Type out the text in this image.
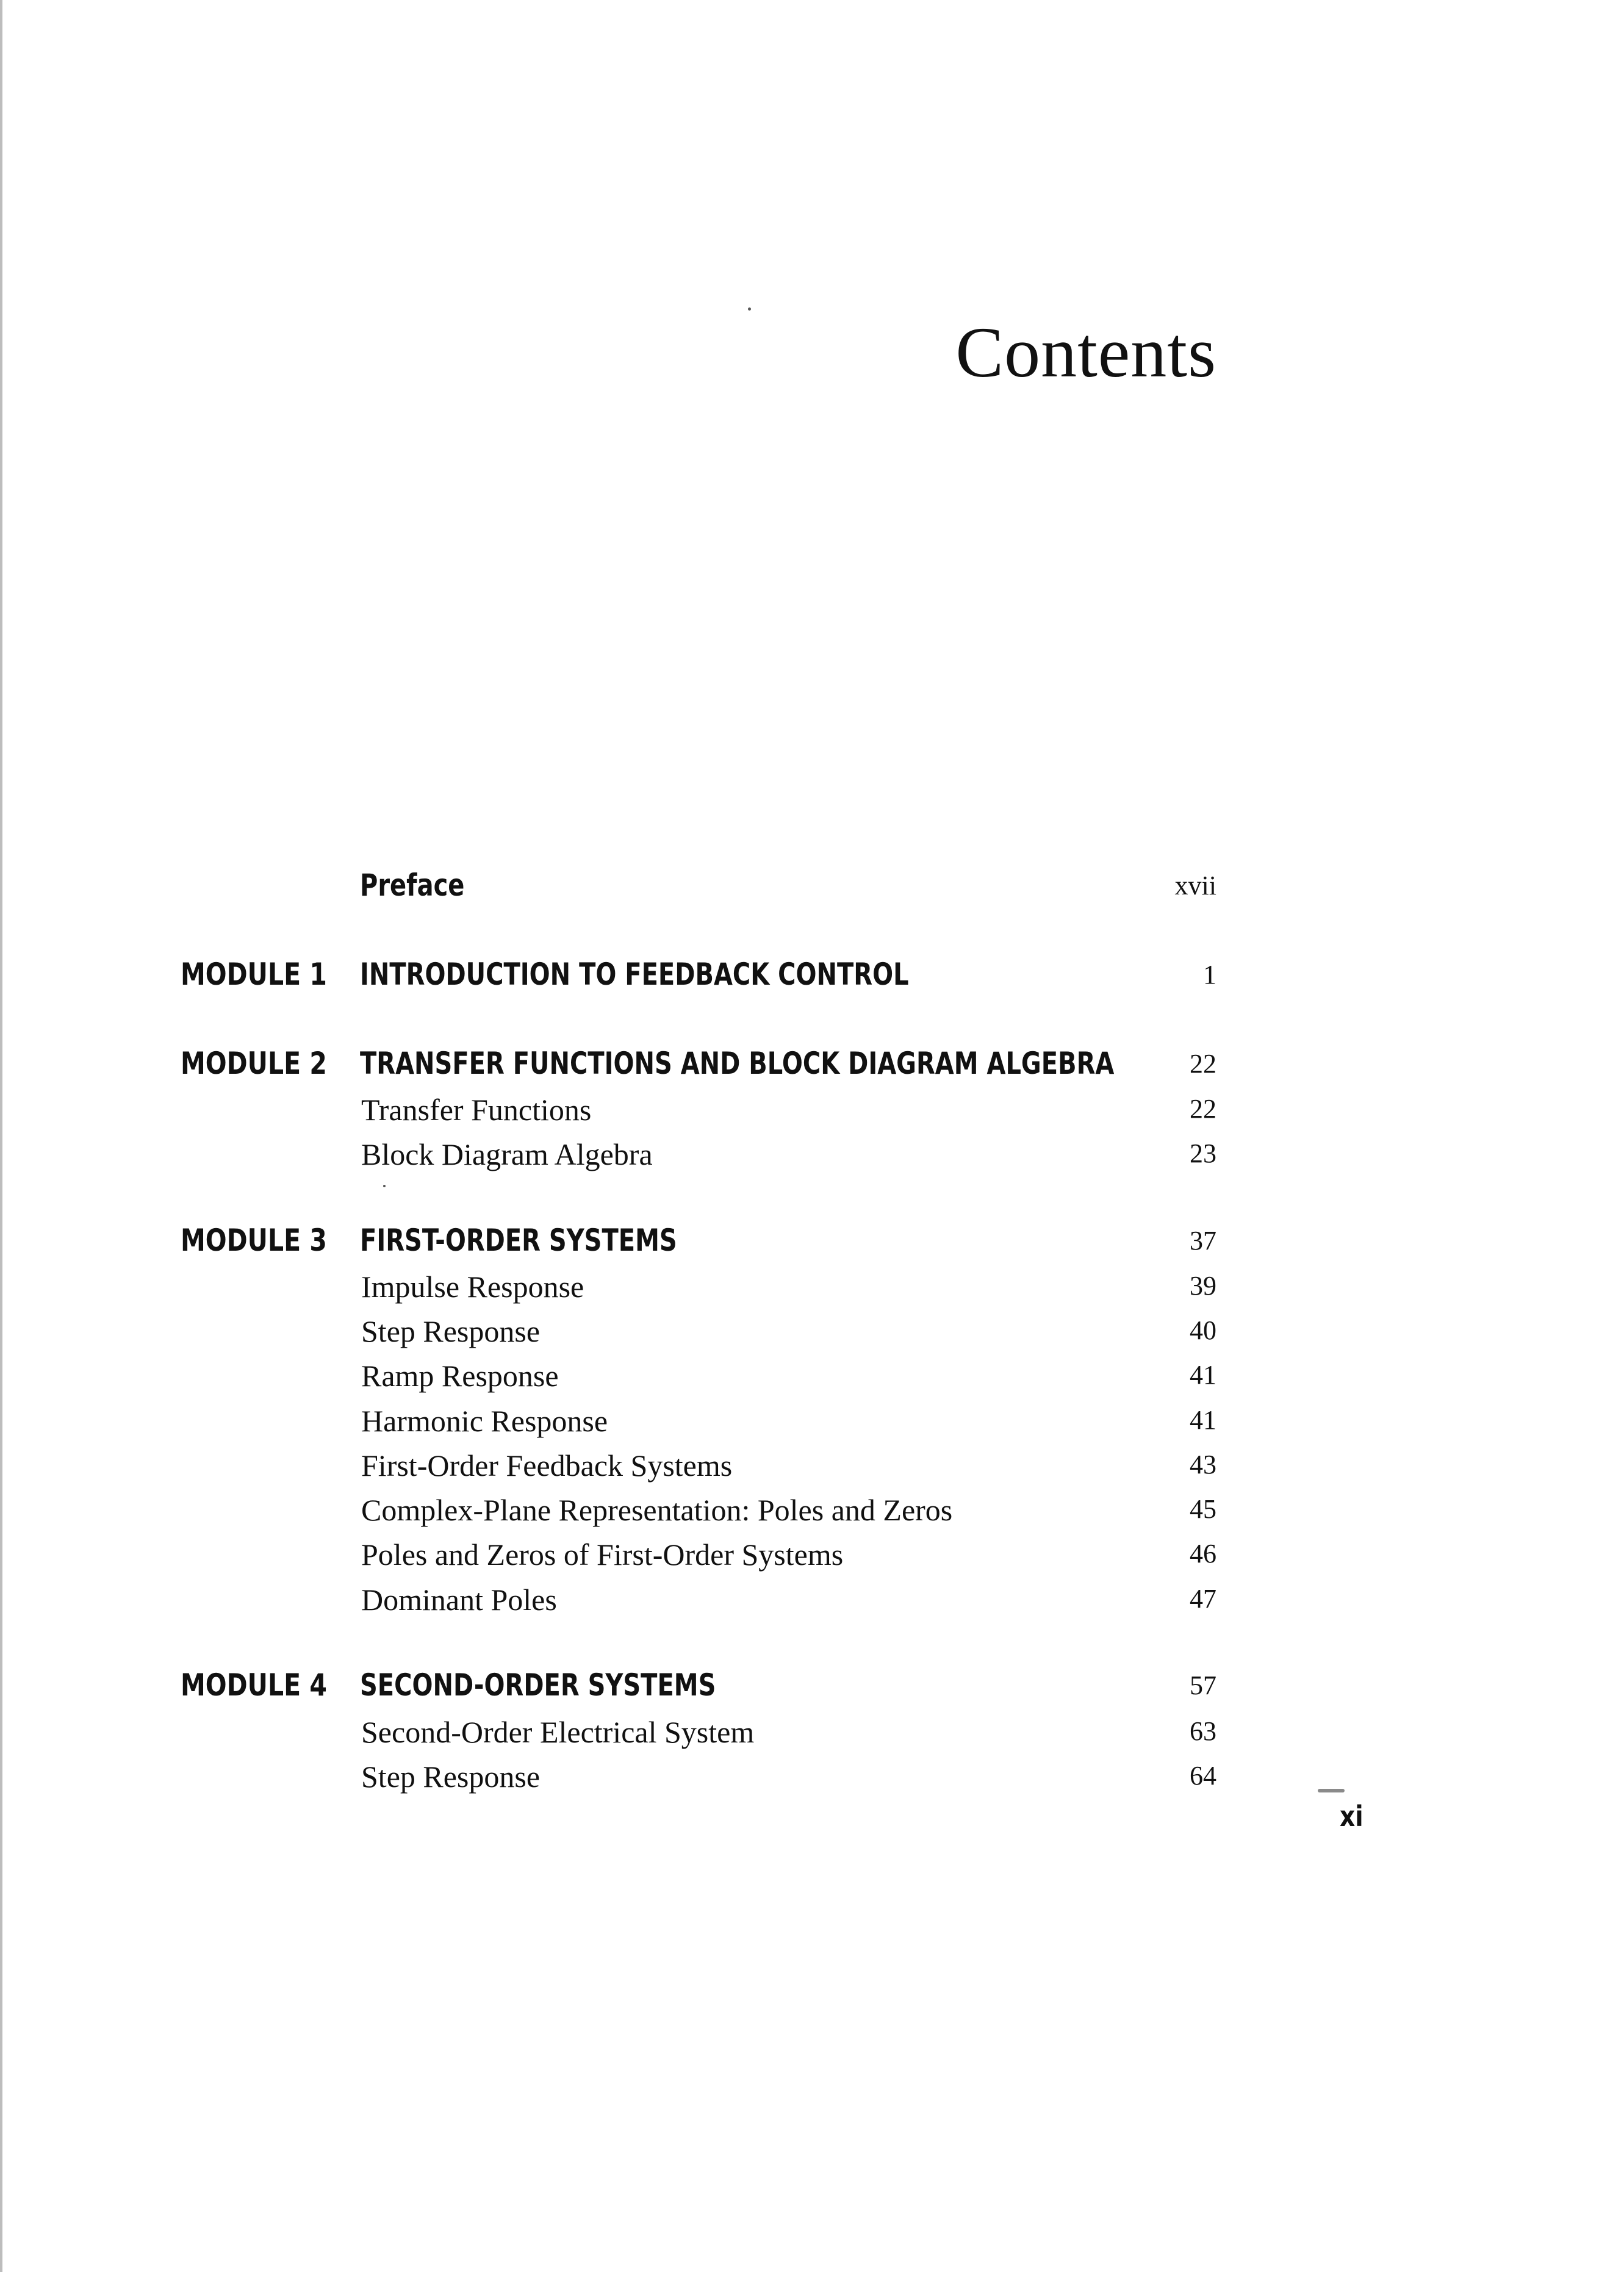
Contents
Preface	xvii
MODULE 1 INTRODUCTION TO FEEDBACK CONTROL	1
MODULE 2 TRANSFER FUNCTIONS AND BLOCK DIAGRAM ALGEBRA	22
Transfer Functions	22
Block Diagram Algebra	23
MODULE 3 FIRST-ORDER SYSTEMS	37
Impulse Response	39
Step Response	40
Ramp Response	41
Harmonic Response	41
First-Order Feedback Systems	43
Complex-Plane Representation: Poles and Zeros	45
Poles and Zeros of First-Order Systems	46
Dominant Poles	47
MODULE 4 SECOND-ORDER SYSTEMS	57
Second-Order Electrical System	63
Step Response	64
xi
